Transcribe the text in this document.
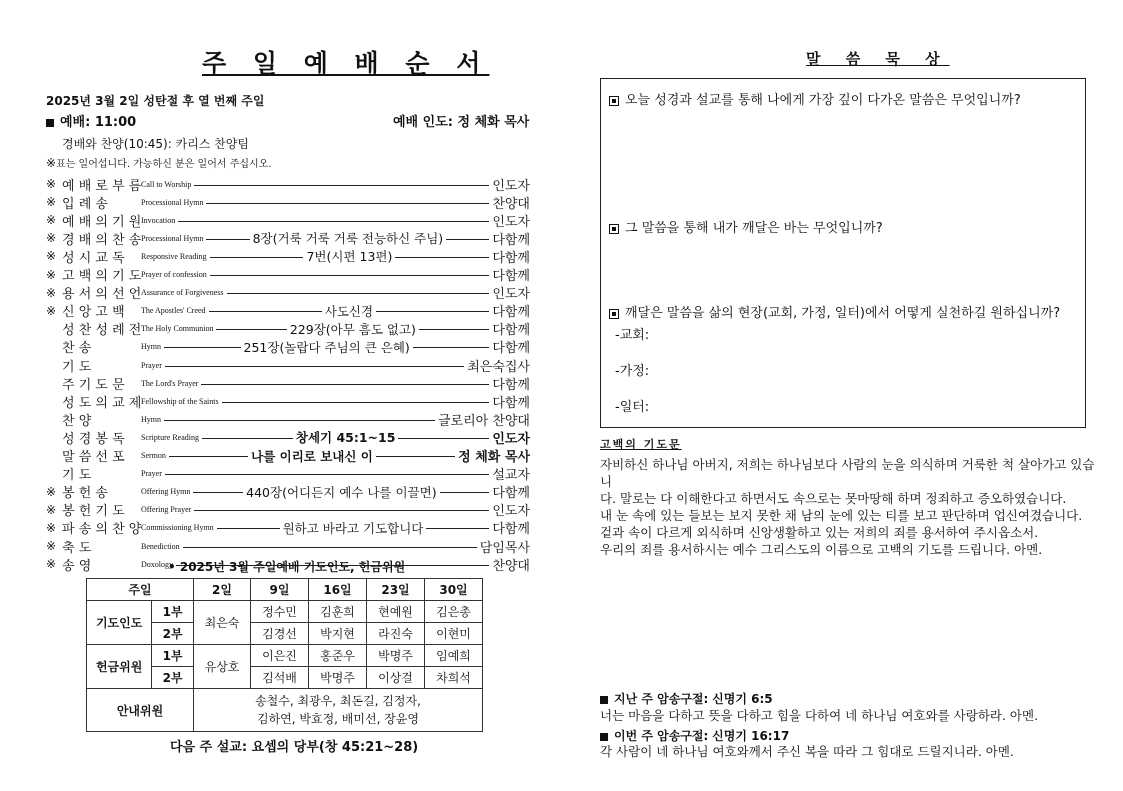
주 일 예 배 순 서
2025년 3월 2일 성탄절 후 열 번째 주일
예배: 11:00	예배 인도: 정 체화 목사
경배와 찬양(10:45): 카리스 찬양팀
※표는 일어섭니다. 가능하신 분은 일어서 주십시오.
※ 예 배 로 부 름 Call to Worship	인도자
※ 입 례 송	Processional Hymn	찬양대
※ 예 배 의 기 원 Invocation	인도자
※ 경 배 의 찬 송 Processional Hymn	8장(거룩 거룩 거룩 전능하신 주님)	다함께
※ 성 시 교 독	Responsive Reading	7번(시편 13편)	다함께
※ 고 백 의 기 도 Prayer of confession	다함께
※ 용 서 의 선 언 Assurance of Forgiveness	인도자
※ 신 앙 고 백	The Apostles' Creed	사도신경	다함께
성 찬 성 례 전 The Holy Communion	229장(아무 흠도 없고)	다함께
찬 송	Hymn	251장(놀랍다 주님의 큰 은혜)	다함께
기 도	Prayer	최은숙집사
주 기 도 문	The Lord's Prayer	다함께
성 도 의 교 제 Fellowship of the Saints	다함께
찬 양	Hymn	글로리아 찬양대
성 경 봉 독	Scripture Reading	창세기 45:1~15	인도자
말 씀 선 포	Sermon	나를 이리로 보내신 이	정 체화 목사
기 도	Prayer	설교자
※ 봉 헌 송	Offering Hymn	440장(어디든지 예수 나를 이끌면)	다함께
※ 봉 헌 기 도	Offering Prayer	인도자
※ 파 송 의 찬 양 Commissioning Hymn	원하고 바라고 기도합니다	다함께
※ 축 도	Benediction	담임목사
※ 송 영	Doxology	찬양대
• 2025년 3월 주일예배 기도인도, 헌금위원
주일		2일	9일	16일	23일	30일
기도인도	1부	최은숙	정수민	김훈희	현예원	김은총
	2부		김경선	박지현	라진숙	이현미
헌금위원	1부	유상호	이은진	홍준우	박명주	임예희
	2부		김석배	박명주	이상걸	차희석
안내위원		송철수, 최광우, 최돈길, 김정자,
김하연, 박효정, 배미선, 장윤영				
다음 주 설교: 요셉의 당부(창 45:21~28)
말 씀 묵 상
오늘 성경과 설교를 통해 나에게 가장 깊이 다가온 말씀은 무엇입니까?
그 말씀을 통해 내가 깨달은 바는 무엇입니까?
깨달은 말씀을 삶의 현장(교회, 가정, 일터)에서 어떻게 실천하길 원하십니까?
-교회:
-가정:
-일터:
고백의 기도문
자비하신 하나님 아버지, 저희는 하나님보다 사람의 눈을 의식하며 거룩한 척 살아가고 있습니
다. 말로는 다 이해한다고 하면서도 속으로는 못마땅해 하며 정죄하고 증오하였습니다.
내 눈 속에 있는 들보는 보지 못한 채 남의 눈에 있는 티를 보고 판단하며 업신여겼습니다.
겉과 속이 다르게 외식하며 신앙생활하고 있는 저희의 죄를 용서하여 주시옵소서.
우리의 죄를 용서하시는 예수 그리스도의 이름으로 고백의 기도를 드립니다. 아멘.
지난 주 암송구절: 신명기 6:5
너는 마음을 다하고 뜻을 다하고 힘을 다하여 네 하나님 여호와를 사랑하라. 아멘.
이번 주 암송구절: 신명기 16:17
각 사람이 네 하나님 여호와께서 주신 복을 따라 그 힘대로 드릴지니라. 아멘.
